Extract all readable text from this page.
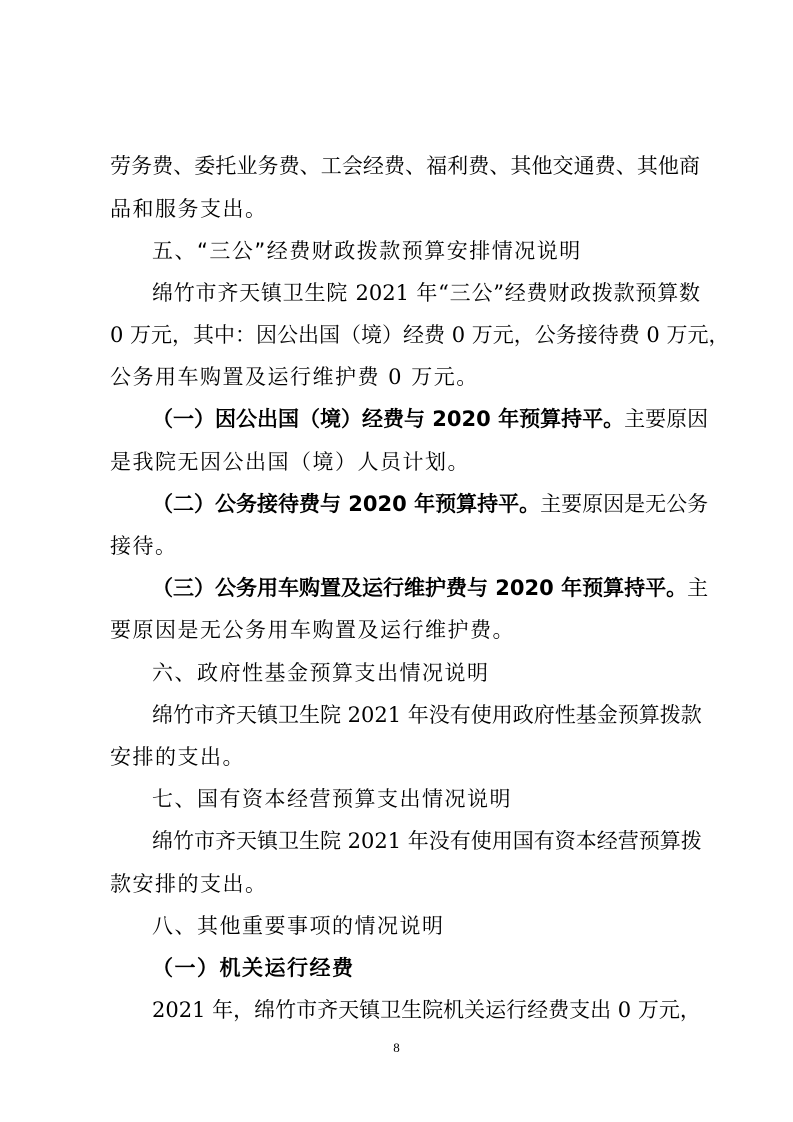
劳务费、委托业务费、工会经费、福利费、其他交通费、其他商
品和服务支出。
五、“三公”经费财政拨款预算安排情况说明
绵竹市齐天镇卫生院 2021 年“三公”经费财政拨款预算数
0 万元，其中：因公出国（境）经费 0 万元，公务接待费 0 万元，
公务用车购置及运行维护费 0 万元。
（一）因公出国（境）经费与 2020 年预算持平。主要原因
是我院无因公出国（境）人员计划。
（二）公务接待费与 2020 年预算持平。主要原因是无公务
接待。
（三）公务用车购置及运行维护费与 2020 年预算持平。主
要原因是无公务用车购置及运行维护费。
六、政府性基金预算支出情况说明
绵竹市齐天镇卫生院 2021 年没有使用政府性基金预算拨款
安排的支出。
七、国有资本经营预算支出情况说明
绵竹市齐天镇卫生院 2021 年没有使用国有资本经营预算拨
款安排的支出。
八、其他重要事项的情况说明
（一）机关运行经费
2021 年，绵竹市齐天镇卫生院机关运行经费支出 0 万元，
8
